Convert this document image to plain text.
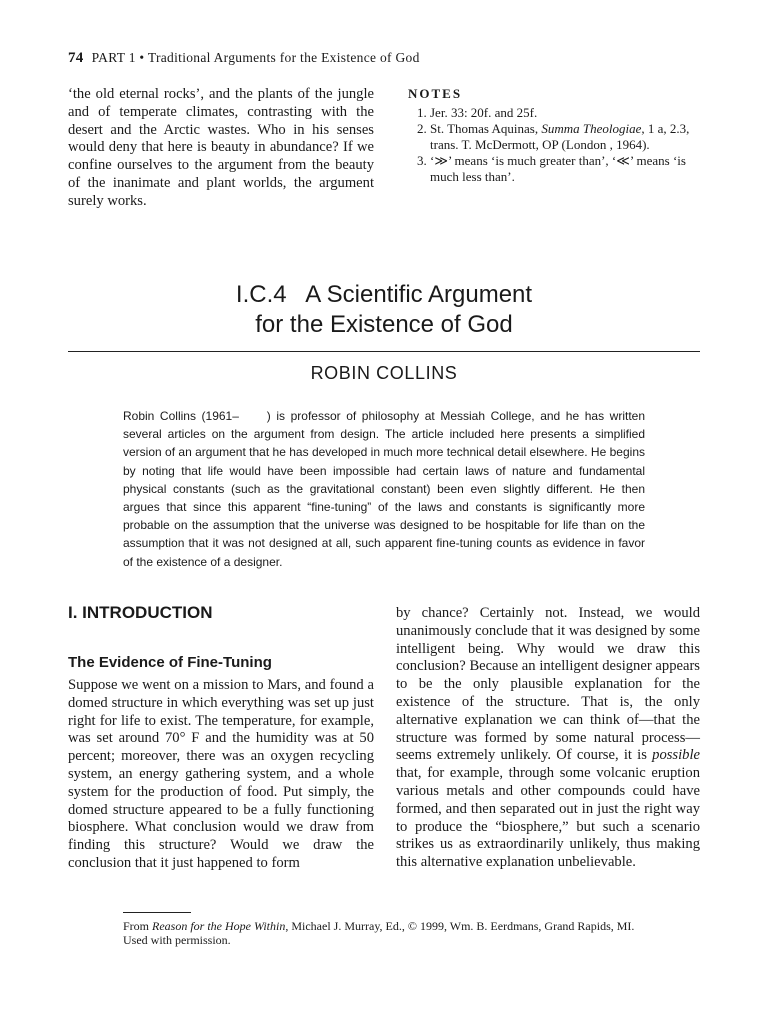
74 PART 1 • Traditional Arguments for the Existence of God
‘the old eternal rocks’, and the plants of the jungle and of temperate climates, contrasting with the desert and the Arctic wastes. Who in his senses would deny that here is beauty in abundance? If we confine ourselves to the argument from the beauty of the inanimate and plant worlds, the argument surely works.
NOTES
1. Jer. 33: 20f. and 25f.
2. St. Thomas Aquinas, Summa Theologiae, 1 a, 2.3, trans. T. McDermott, OP (London , 1964).
3. ‘≫’ means ‘is much greater than’, ‘≪’ means ‘is much less than’.
I.C.4   A Scientific Argument
for the Existence of God
ROBIN COLLINS
Robin Collins (1961–     ) is professor of philosophy at Messiah College, and he has written several articles on the argument from design. The article included here presents a simplified version of an argument that he has developed in much more technical detail elsewhere. He begins by noting that life would have been impossible had certain laws of nature and fundamental physical constants (such as the gravitational constant) been even slightly different. He then argues that since this apparent “fine-tuning” of the laws and constants is significantly more probable on the assumption that the universe was designed to be hospitable for life than on the assumption that it was not designed at all, such apparent fine-tuning counts as evidence in favor of the existence of a designer.
I. INTRODUCTION
The Evidence of Fine-Tuning
Suppose we went on a mission to Mars, and found a domed structure in which everything was set up just right for life to exist. The temperature, for example, was set around 70° F and the humidity was at 50 percent; moreover, there was an oxygen recycling system, an energy gathering system, and a whole system for the production of food. Put simply, the domed structure appeared to be a fully functioning biosphere. What conclusion would we draw from finding this structure? Would we draw the conclusion that it just happened to form
by chance? Certainly not. Instead, we would unanimously conclude that it was designed by some intelligent being. Why would we draw this conclusion? Because an intelligent designer appears to be the only plausible explanation for the existence of the structure. That is, the only alternative explanation we can think of—that the structure was formed by some natural process—seems extremely unlikely. Of course, it is possible that, for example, through some volcanic eruption various metals and other compounds could have formed, and then separated out in just the right way to produce the “biosphere,” but such a scenario strikes us as extraordinarily unlikely, thus making this alternative explanation unbelievable.
From Reason for the Hope Within, Michael J. Murray, Ed., © 1999, Wm. B. Eerdmans, Grand Rapids, MI.
Used with permission.
